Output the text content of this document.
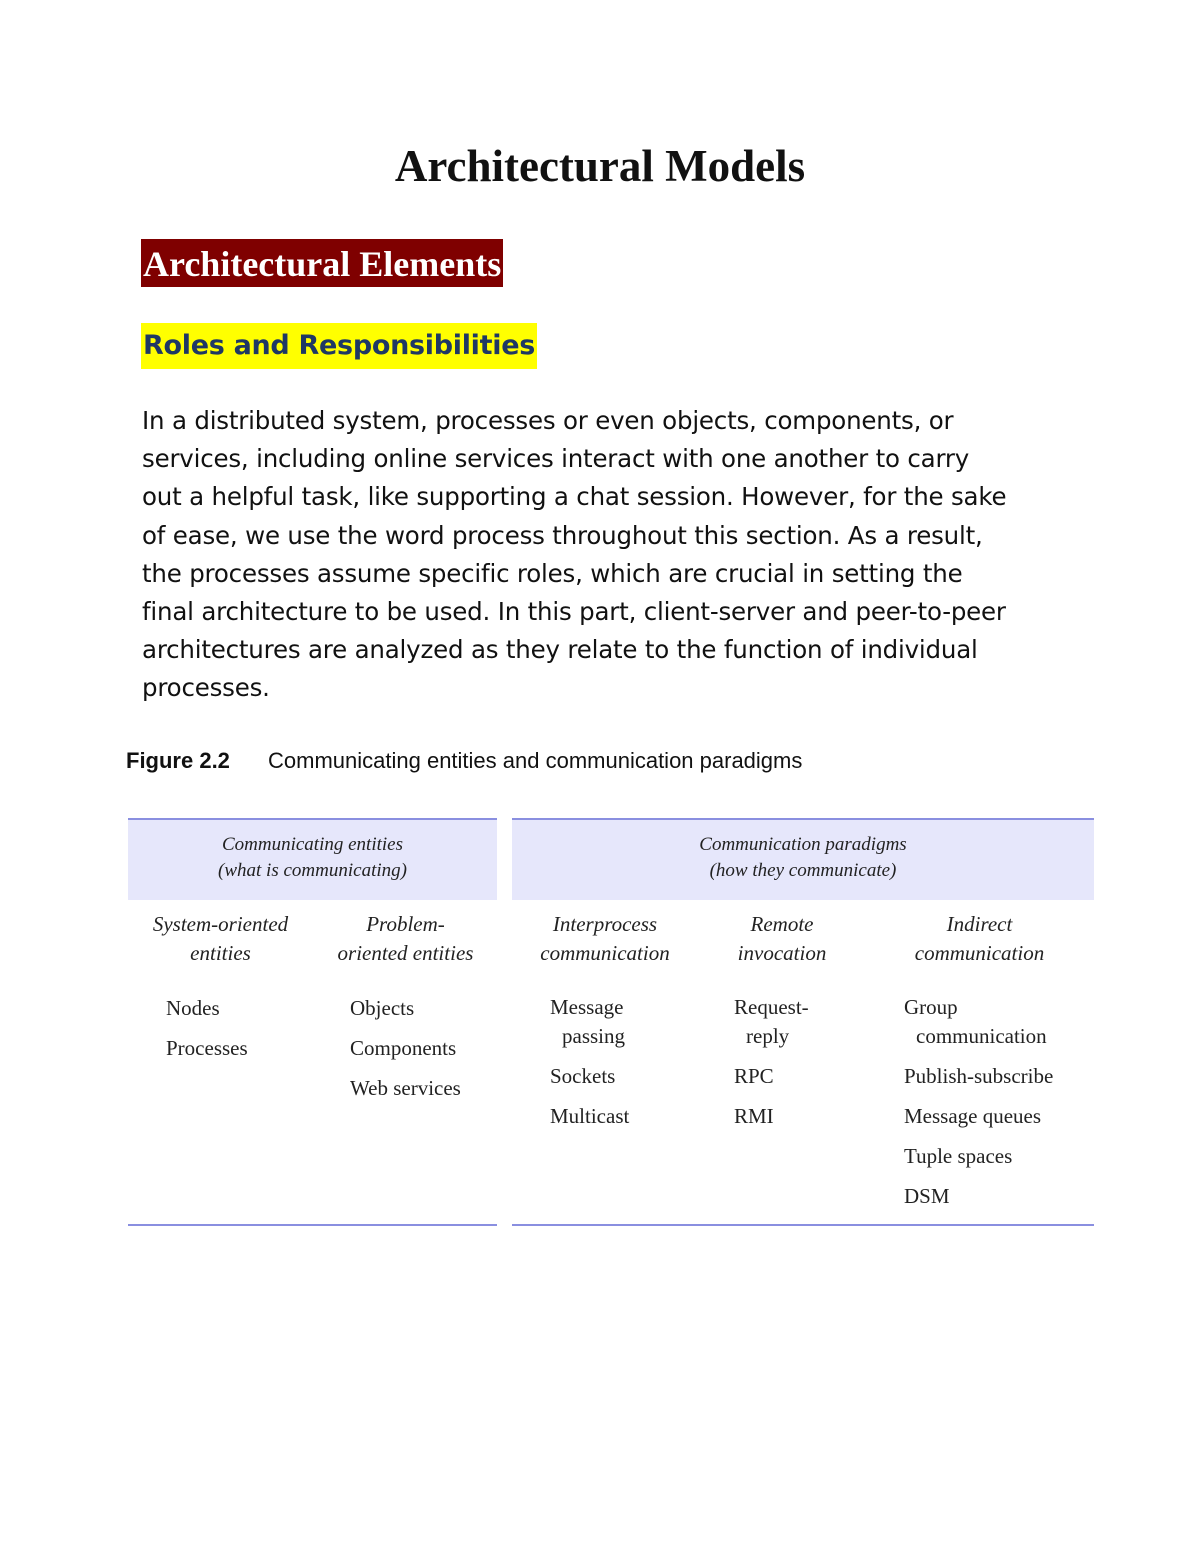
Architectural Models
Architectural Elements
Roles and Responsibilities
In a distributed system, processes or even objects, components, or
services, including online services interact with one another to carry
out a helpful task, like supporting a chat session. However, for the sake
of ease, we use the word process throughout this section. As a result,
the processes assume specific roles, which are crucial in setting the
final architecture to be used. In this part, client-server and peer-to-peer
architectures are analyzed as they relate to the function of individual
processes.
Figure 2.2 Communicating entities and communication paradigms
Communicating entities
(what is communicating)
System-oriented
entities
Nodes
Processes
Problem-
oriented entities
Objects
Components
Web services
Communication paradigms
(how they communicate)
Interprocess
communication
Message
passing
Sockets
Multicast
Remote
invocation
Request-
reply
RPC
RMI
Indirect
communication
Group
communication
Publish-subscribe
Message queues
Tuple spaces
DSM
